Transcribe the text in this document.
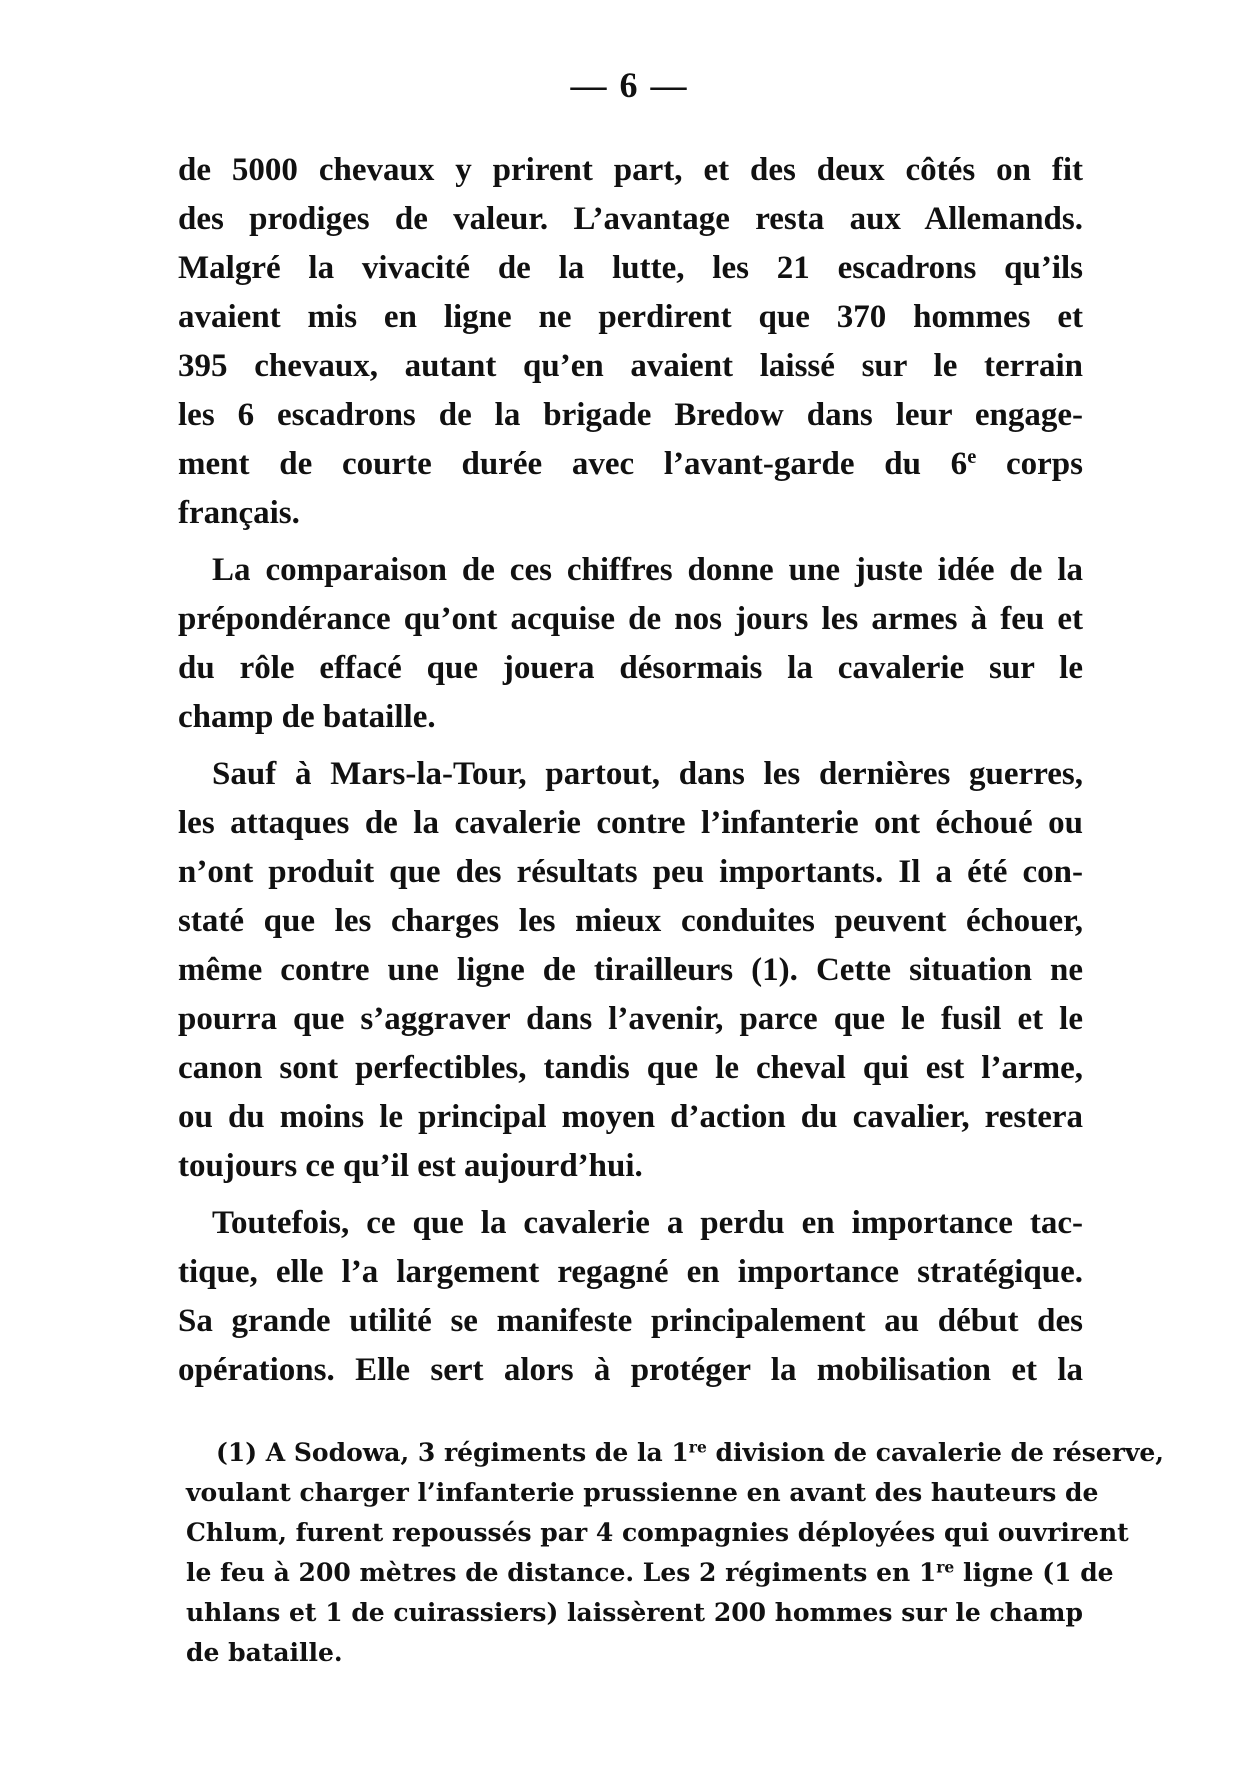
— 6 —
de 5000 chevaux y prirent part, et des deux côtés on fit
des prodiges de valeur. L’avantage resta aux Allemands.
Malgré la vivacité de la lutte, les 21 escadrons qu’ils
avaient mis en ligne ne perdirent que 370 hommes et
395 chevaux, autant qu’en avaient laissé sur le terrain
les 6 escadrons de la brigade Bredow dans leur engage-
ment de courte durée avec l’avant-garde du 6e corps
français.
La comparaison de ces chiffres donne une juste idée de la
prépondérance qu’ont acquise de nos jours les armes à feu et
du rôle effacé que jouera désormais la cavalerie sur le
champ de bataille.
Sauf à Mars-la-Tour, partout, dans les dernières guerres,
les attaques de la cavalerie contre l’infanterie ont échoué ou
n’ont produit que des résultats peu importants. Il a été con-
staté que les charges les mieux conduites peuvent échouer,
même contre une ligne de tirailleurs (1). Cette situation ne
pourra que s’aggraver dans l’avenir, parce que le fusil et le
canon sont perfectibles, tandis que le cheval qui est l’arme,
ou du moins le principal moyen d’action du cavalier, restera
toujours ce qu’il est aujourd’hui.
Toutefois, ce que la cavalerie a perdu en importance tac-
tique, elle l’a largement regagné en importance stratégique.
Sa grande utilité se manifeste principalement au début des
opérations. Elle sert alors à protéger la mobilisation et la
(1) A Sodowa, 3 régiments de la 1re division de cavalerie de réserve,
voulant charger l’infanterie prussienne en avant des hauteurs de
Chlum, furent repoussés par 4 compagnies déployées qui ouvrirent
le feu à 200 mètres de distance. Les 2 régiments en 1re ligne (1 de
uhlans et 1 de cuirassiers) laissèrent 200 hommes sur le champ
de bataille.
